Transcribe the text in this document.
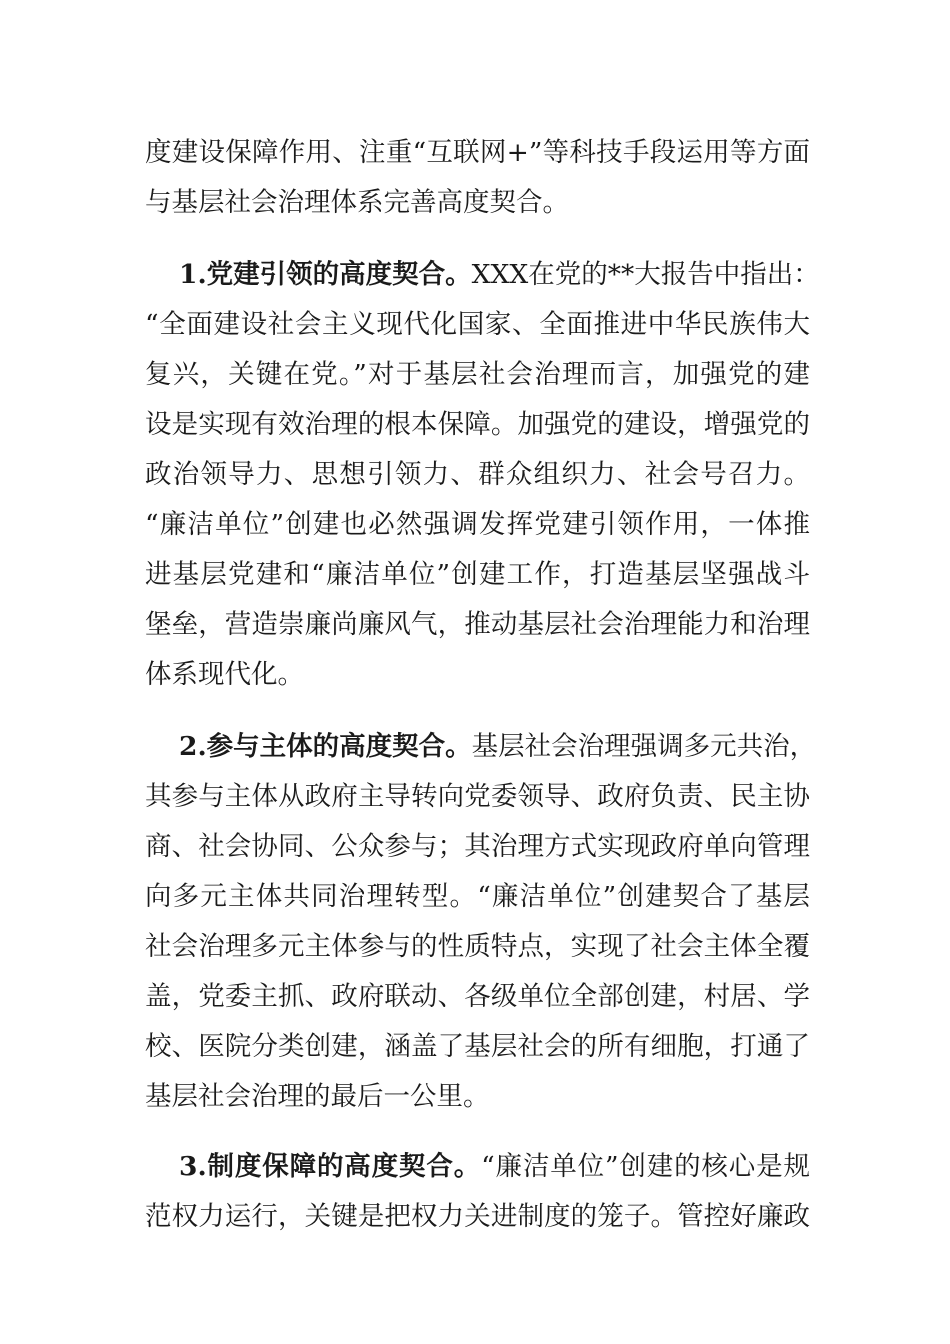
度建设保障作用、注重“互联网+”等科技手段运用等方面
与基层社会治理体系完善高度契合。
1.党建引领的高度契合。XXX在党的**大报告中指出：
“全面建设社会主义现代化国家、全面推进中华民族伟大
复兴，关键在党。”对于基层社会治理而言，加强党的建
设是实现有效治理的根本保障。加强党的建设，增强党的
政治领导力、思想引领力、群众组织力、社会号召力。
“廉洁单位”创建也必然强调发挥党建引领作用，一体推
进基层党建和“廉洁单位”创建工作，打造基层坚强战斗
堡垒，营造崇廉尚廉风气，推动基层社会治理能力和治理
体系现代化。
2.参与主体的高度契合。基层社会治理强调多元共治，
其参与主体从政府主导转向党委领导、政府负责、民主协
商、社会协同、公众参与；其治理方式实现政府单向管理
向多元主体共同治理转型。“廉洁单位”创建契合了基层
社会治理多元主体参与的性质特点，实现了社会主体全覆
盖，党委主抓、政府联动、各级单位全部创建，村居、学
校、医院分类创建，涵盖了基层社会的所有细胞，打通了
基层社会治理的最后一公里。
3.制度保障的高度契合。“廉洁单位”创建的核心是规
范权力运行，关键是把权力关进制度的笼子。管控好廉政
